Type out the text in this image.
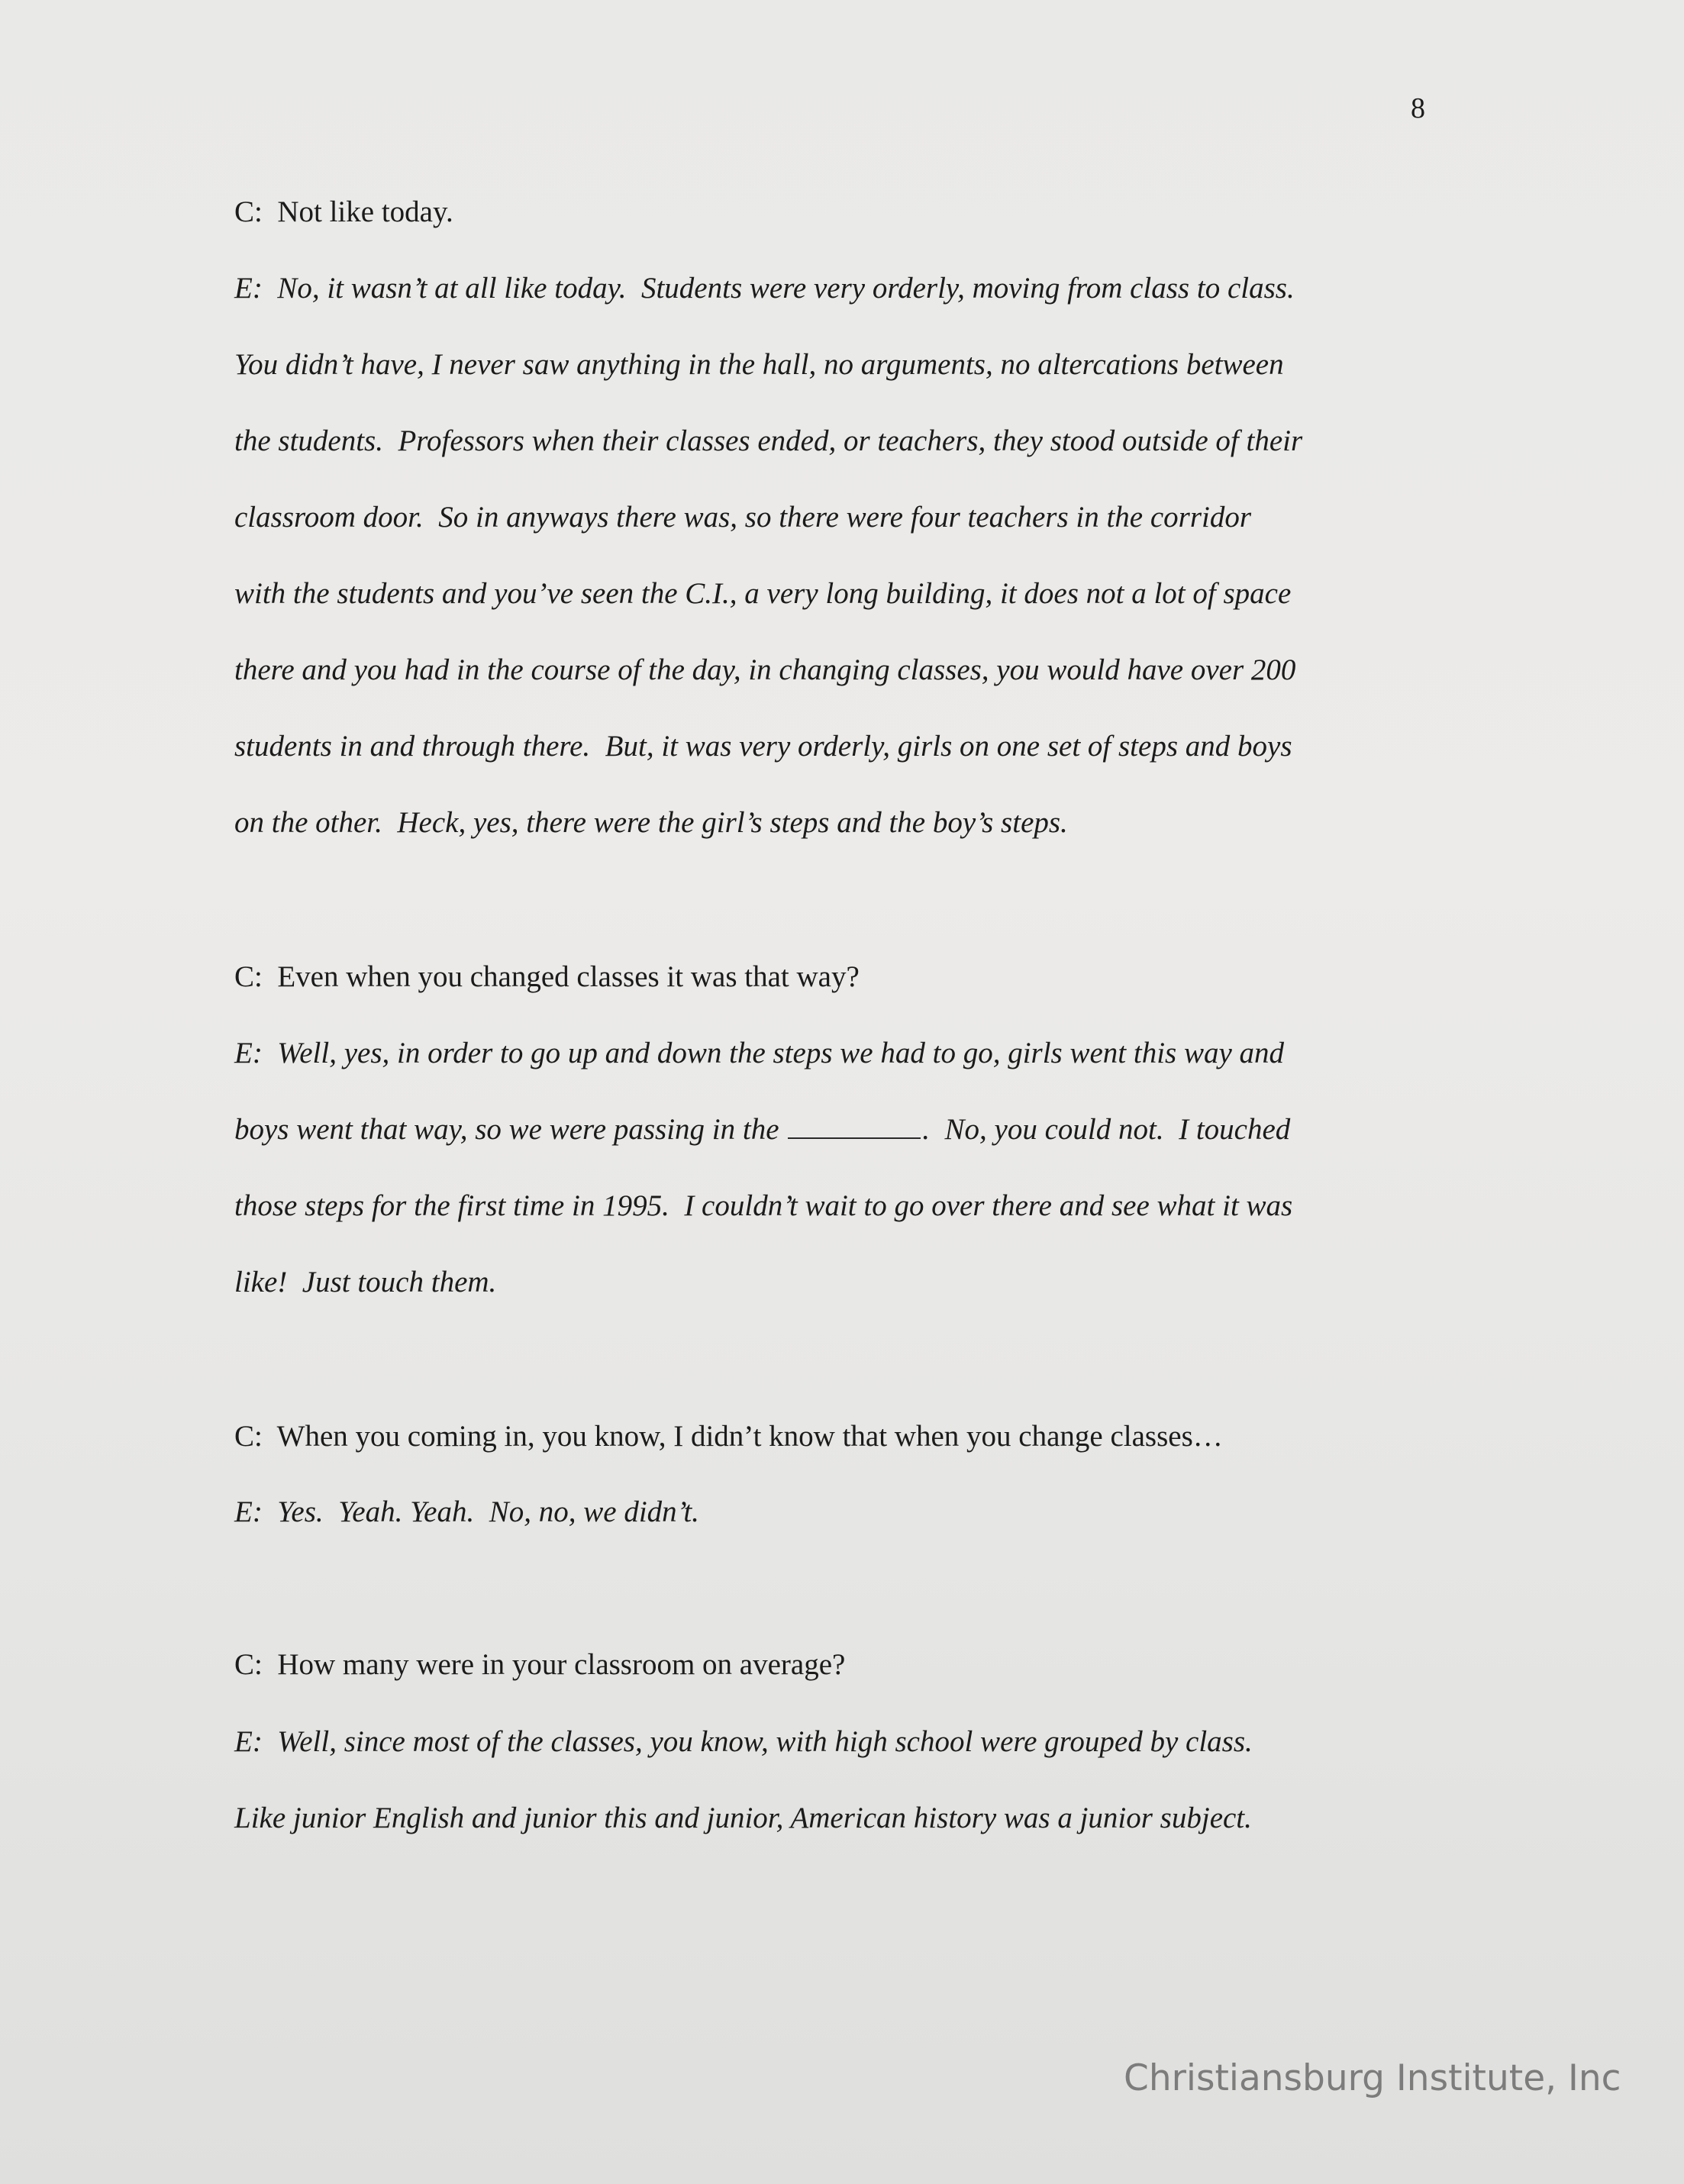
8
C:  Not like today.
E:  No, it wasn’t at all like today.  Students were very orderly, moving from class to class.
You didn’t have, I never saw anything in the hall, no arguments, no altercations between
the students.  Professors when their classes ended, or teachers, they stood outside of their
classroom door.  So in anyways there was, so there were four teachers in the corridor
with the students and you’ve seen the C.I., a very long building, it does not a lot of space
there and you had in the course of the day, in changing classes, you would have over 200
students in and through there.  But, it was very orderly, girls on one set of steps and boys
on the other.  Heck, yes, there were the girl’s steps and the boy’s steps.
C:  Even when you changed classes it was that way?
E:  Well, yes, in order to go up and down the steps we had to go, girls went this way and
boys went that way, so we were passing in the	.  No, you could not.  I touched
those steps for the first time in 1995.  I couldn’t wait to go over there and see what it was
like!  Just touch them.
C:  When you coming in, you know, I didn’t know that when you change classes…
E:  Yes.  Yeah. Yeah.  No, no, we didn’t.
C:  How many were in your classroom on average?
E:  Well, since most of the classes, you know, with high school were grouped by class.
Like junior English and junior this and junior, American history was a junior subject.
Christiansburg Institute, Inc
